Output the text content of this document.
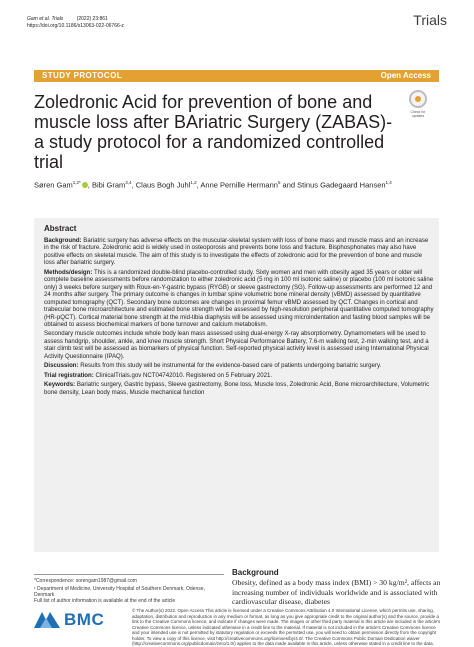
Gam et al. Trials	(2022) 23:861
https://doi.org/10.1186/s13063-022-06766-z	Trials
STUDY PROTOCOL	Open Access
Zoledronic Acid for prevention of bone and muscle loss after BAriatric Surgery (ZABAS)-a study protocol for a randomized controlled trial
Check for updates
Søren Gam$^{1,2*}$ , Bibi Gram$^{3,4}$, Claus Bogh Juhl$^{1,2}$, Anne Pernille Hermann$^5$ and Stinus Gadegaard Hansen$^{1,4}$
Abstract

Background: Bariatric surgery has adverse effects on the muscular-skeletal system with loss of bone mass and muscle mass and an increase in the risk of fracture. Zoledronic acid is widely used in osteoporosis and prevents bone loss and fracture. Bisphosphonates may also have positive effects on skeletal muscle. The aim of this study is to investigate the effects of zoledronic acid for the prevention of bone and muscle loss after bariatric surgery.

Methods/design: This is a randomized double-blind placebo-controlled study. Sixty women and men with obesity aged 35 years or older will complete baseline assessments before randomization to either zoledronic acid (5 mg in 100 ml isotonic saline) or placebo (100 ml isotonic saline only) 3 weeks before surgery with Roux-en-Y-gastric bypass (RYGB) or sleeve gastrectomy (SG). Follow-up assessments are performed 12 and 24 months after surgery. The primary outcome is changes in lumbar spine volumetric bone mineral density (vBMD) assessed by quantitative computed tomography (QCT). Secondary bone outcomes are changes in proximal femur vBMD assessed by QCT. Changes in cortical and trabecular bone microarchitecture and estimated bone strength will be assessed by high-resolution peripheral quantitative computed tomography (HR-pQCT). Cortical material bone strength at the mid-tibia diaphysis will be assessed using microindentation and fasting blood samples will be obtained to assess biochemical markers of bone turnover and calcium metabolism.

Secondary muscle outcomes include whole body lean mass assessed using dual-energy X-ray absorptiometry. Dynamometers will be used to assess handgrip, shoulder, ankle, and knee muscle strength. Short Physical Performance Battery, 7.6-m walking test, 2-min walking test, and a stair climb test will be assessed as biomarkers of physical function. Self-reported physical activity level is assessed using International Physical Activity Questionnaire (IPAQ).

Discussion: Results from this study will be instrumental for the evidence-based care of patients undergoing bariatric surgery.

Trial registration: ClinicalTrials.gov NCT04742010. Registered on 5 February 2021.

Keywords: Bariatric surgery, Gastric bypass, Sleeve gastrectomy, Bone loss, Muscle loss, Zoledronic Acid, Bone microarchitecture, Volumetric bone density, Lean body mass, Muscle mechanical function

*Correspondence: sorengam1987@gmail.com
¹ Department of Medicine, University Hospital of Southern Denmark, Odense, Denmark
Full list of author information is available at the end of the article
Background
Obesity, defined as a body mass index (BMI) > 30 kg/m², affects an increasing number of individuals worldwide and is associated with cardiovascular disease, diabetes
BMC	© The Author(s) 2022. Open Access This article is licensed under a Creative Commons Attribution 4.0 International License, which permits use, sharing, adaptation, distribution and reproduction in any medium or format, as long as you give appropriate credit to the original author(s) and the source, provide a link to the Creative Commons licence, and indicate if changes were made. The images or other third party material in this article are included in the article's Creative Commons licence, unless indicated otherwise in a credit line to the material. If material is not included in the article's Creative Commons licence and your intended use is not permitted by statutory regulation or exceeds the permitted use, you will need to obtain permission directly from the copyright holder. To view a copy of this licence, visit http://creativecommons.org/licenses/by/4.0/. The Creative Commons Public Domain Dedication waiver (http://creativecommons.org/publicdomain/zero/1.0/) applies to the data made available in this article, unless otherwise stated in a credit line to the data.
